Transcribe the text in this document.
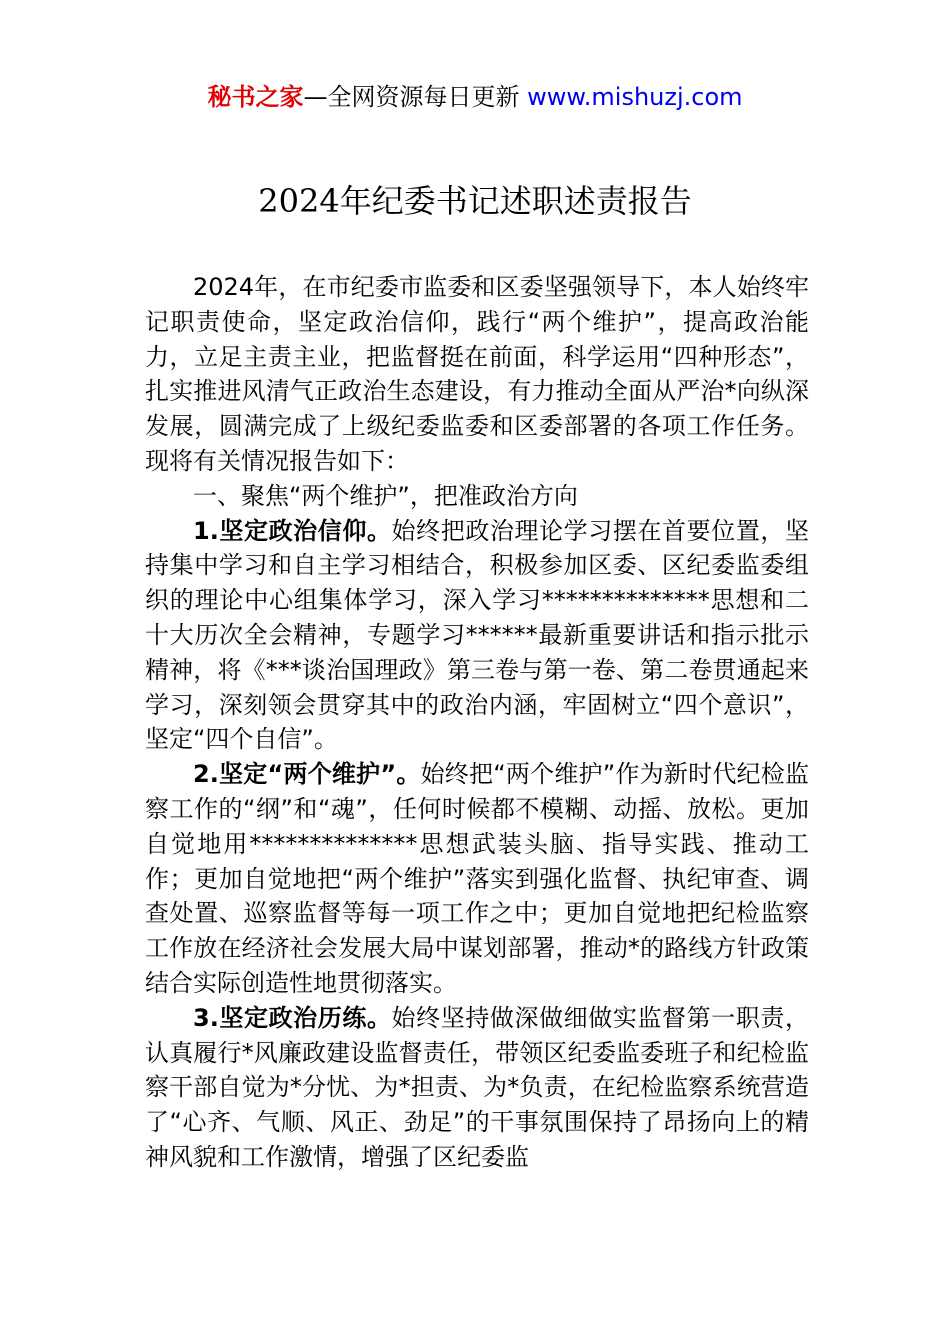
秘书之家—全网资源每日更新 www.mishuzj.com
2024年纪委书记述职述责报告

2024年，在市纪委市监委和区委坚强领导下，本人始终牢记职责使命，坚定政治信仰，践行“两个维护”，提高政治能力，立足主责主业，把监督挺在前面，科学运用“四种形态”，扎实推进风清气正政治生态建设，有力推动全面从严治*向纵深发展，圆满完成了上级纪委监委和区委部署的各项工作任务。现将有关情况报告如下：

一、聚焦“两个维护”，把准政治方向

1.坚定政治信仰。始终把政治理论学习摆在首要位置，坚持集中学习和自主学习相结合，积极参加区委、区纪委监委组织的理论中心组集体学习，深入学习**************思想和二十大历次全会精神，专题学习******最新重要讲话和指示批示精神，将《***谈治国理政》第三卷与第一卷、第二卷贯通起来学习，深刻领会贯穿其中的政治内涵，牢固树立“四个意识”，坚定“四个自信”。

2.坚定“两个维护”。始终把“两个维护”作为新时代纪检监察工作的“纲”和“魂”，任何时候都不模糊、动摇、放松。更加自觉地用**************思想武装头脑、指导实践、推动工作；更加自觉地把“两个维护”落实到强化监督、执纪审查、调查处置、巡察监督等每一项工作之中；更加自觉地把纪检监察工作放在经济社会发展大局中谋划部署，推动*的路线方针政策结合实际创造性地贯彻落实。

3.坚定政治历练。始终坚持做深做细做实监督第一职责，认真履行*风廉政建设监督责任，带领区纪委监委班子和纪检监察干部自觉为*分忧、为*担责、为*负责，在纪检监察系统营造了“心齐、气顺、风正、劲足”的干事氛围保持了昂扬向上的精神风貌和工作激情，增强了区纪委监
